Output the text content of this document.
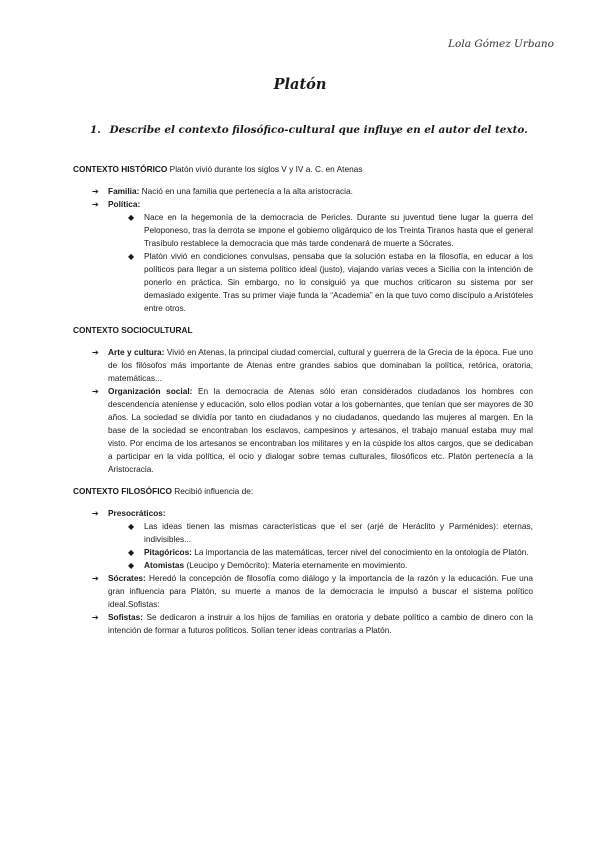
Lola Gómez Urbano
Platón
1. Describe el contexto filosófico-cultural que influye en el autor del texto.

CONTEXTO HISTÓRICO Platón vivió durante los siglos V y IV a. C. en Atenas

➔ Familia: Nació en una familia que pertenecía a la alta aristocracia.
➔ Política:
◆ Nace en la hegemonía de la democracia de Pericles. Durante su juventud tiene lugar la guerra del Peloponeso, tras la derrota se impone el gobierno oligárquico de los Treinta Tiranos hasta que el general Trasíbulo restablece la democracia que más tarde condenará de muerte a Sócrates.
◆ Platón vivió en condiciones convulsas, pensaba que la solución estaba en la filosofía, en educar a los políticos para llegar a un sistema político ideal (justo), viajando varias veces a Sicilia con la intención de ponerlo en práctica. Sin embargo, no lo consiguió ya que muchos criticaron su sistema por ser demasiado exigente. Tras su primer viaje funda la “Academia” en la que tuvo como discípulo a Aristóteles entre otros.

CONTEXTO SOCIOCULTURAL

➔ Arte y cultura: Vivió en Atenas, la principal ciudad comercial, cultural y guerrera de la Grecia de la época. Fue uno de los filósofos más importante de Atenas entre grandes sabios que dominaban la política, retórica, oratoria, matemáticas...
➔ Organización social: En la democracia de Atenas sólo eran considerados ciudadanos los hombres con descendencia ateniense y educación, solo ellos podían votar a los gobernantes, que tenían que ser mayores de 30 años. La sociedad se dividía por tanto en ciudadanos y no ciudadanos, quedando las mujeres al margen. En la base de la sociedad se encontraban los esclavos, campesinos y artesanos, el trabajo manual estaba muy mal visto. Por encima de los artesanos se encontraban los militares y en la cúspide los altos cargos, que se dedicaban a participar en la vida política, el ocio y dialogar sobre temas culturales, filosóficos etc. Platón pertenecía a la Aristocracia.

CONTEXTO FILOSÓFICO Recibió influencia de:

➔ Presocráticos:
◆ Las ideas tienen las mismas características que el ser (arjé de Heráclito y Parménides): eternas, indivisibles...
◆ Pitagóricos: La importancia de las matemáticas, tercer nivel del conocimiento en la ontología de Platón.
◆ Atomistas (Leucipo y Demócrito): Materia eternamente en movimiento.
➔ Sócrates: Heredó la concepción de filosofía como diálogo y la importancia de la razón y la educación. Fue una gran influencia para Platón, su muerte a manos de la democracia le impulsó a buscar el sistema político ideal.Sofistas:
➔ Sofistas: Se dedicaron a instruir a los hijos de familias en oratoria y debate político a cambio de dinero con la intención de formar a futuros políticos. Solían tener ideas contrarias a Platón.
